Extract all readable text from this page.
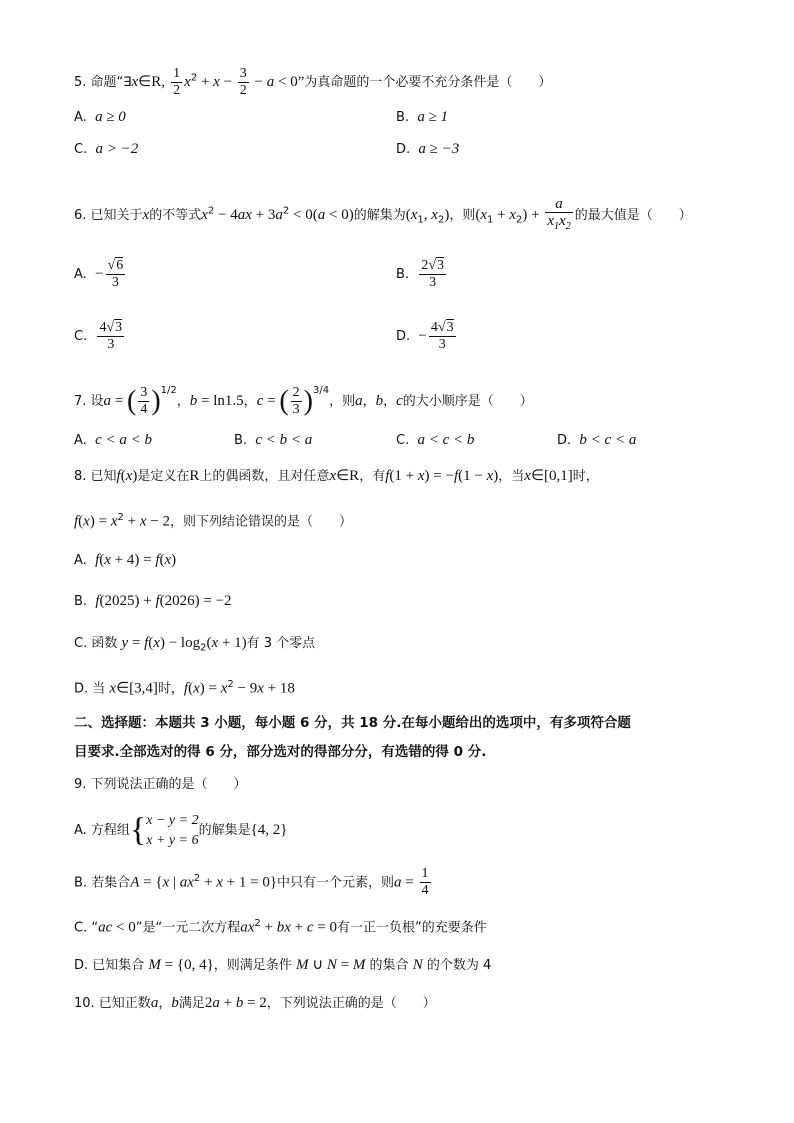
5. 命题“∃x∈R, $\frac{1}{2} x^2 + x - \frac{3}{2} - a < 0$”为真命题的一个必要不充分条件是（　　）
A. a ≥ 0	B. a ≥ 1
C. a > −2	D. a ≥ −3
6. 已知关于x的不等式$x^2 - 4ax + 3a^2 < 0(a < 0)$的解集为($x_1$, $x_2$)，则$(x_1 + x_2) + \frac{a}{x_1x_2}$ 的最大值是（　　）
A. − $\frac{√6}{3}$	B. $\frac{2√3}{3}$
C. $\frac{4√3}{3}$	D. − $\frac{4√3}{3}$
7. 设a = ( $\frac{3}{4} )^{1/2}$，b = ln1.5，c = ( $\frac{2}{3} )^{3/4}$，则a，b，c的大小顺序是（　　）
A. c < a < b	B. c < b < a	C. a < c < b	D. b < c < a
8. 已知f(x)是定义在R上的偶函数，且对任意x∈R，有f(1 + x) = −f(1 − x)，当x∈[0,1]时，
$f(x) = x^2 + x - 2$，则下列结论错误的是（　　）
A. f(x + 4) = f(x)
B. f(2025) + f(2026) = −2
C. 函数 $y = f(x) - \log_2(x + 1)$有 3 个零点
D. 当 x∈[3,4]时，$f(x) = x^2 - 9x + 18$
二、选择题：本题共 3 小题，每小题 6 分，共 18 分.在每小题给出的选项中，有多项符合题
目要求.全部选对的得 6 分，部分选对的得部分分，有选错的得 0 分.
9. 下列说法正确的是（　　）
A. 方程组{ x − y = 2
x + y = 6
的解集是{4, 2}
B. 若集合A = {x | $ax^2 + x + 1 = 0$}中只有一个元素，则$a = \frac{1}{4}$
C. “ac < 0”是“一元二次方程$ax^2$ + bx + c = 0有一正一负根”的充要条件
D. 已知集合 M = {0, 4}，则满足条件 M ∪ N = M 的集合 N 的个数为 4
10. 已知正数a，b满足2a + b = 2，下列说法正确的是（　　）
